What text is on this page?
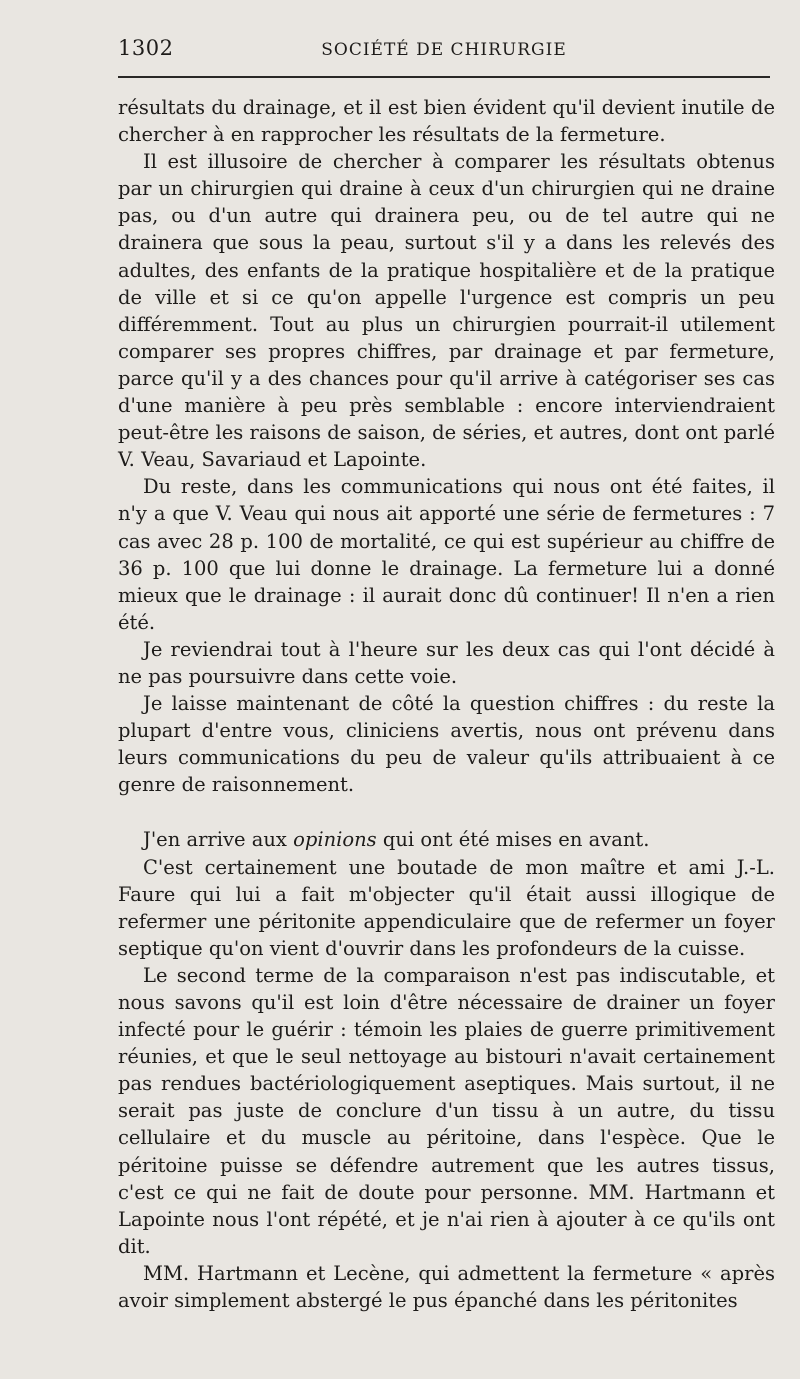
1302	SOCIÉTÉ DE CHIRURGIE

résultats du drainage, et il est bien évident qu'il devient inutile de chercher à en rapprocher les résultats de la fermeture.

Il est illusoire de chercher à comparer les résultats obtenus par un chirurgien qui draine à ceux d'un chirurgien qui ne draine pas, ou d'un autre qui drainera peu, ou de tel autre qui ne drainera que sous la peau, surtout s'il y a dans les relevés des adultes, des enfants de la pratique hospitalière et de la pratique de ville et si ce qu'on appelle l'urgence est compris un peu différemment. Tout au plus un chirurgien pourrait-il utilement comparer ses propres chiffres, par drainage et par fermeture, parce qu'il y a des chances pour qu'il arrive à catégoriser ses cas d'une manière à peu près semblable : encore interviendraient peut-être les raisons de saison, de séries, et autres, dont ont parlé V. Veau, Savariaud et Lapointe.

Du reste, dans les communications qui nous ont été faites, il n'y a que V. Veau qui nous ait apporté une série de fermetures : 7 cas avec 28 p. 100 de mortalité, ce qui est supérieur au chiffre de 36 p. 100 que lui donne le drainage. La fermeture lui a donné mieux que le drainage : il aurait donc dû continuer! Il n'en a rien été.

Je reviendrai tout à l'heure sur les deux cas qui l'ont décidé à ne pas poursuivre dans cette voie.

Je laisse maintenant de côté la question chiffres : du reste la plupart d'entre vous, cliniciens avertis, nous ont prévenu dans leurs communications du peu de valeur qu'ils attribuaient à ce genre de raisonnement.

J'en arrive aux opinions qui ont été mises en avant.

C'est certainement une boutade de mon maître et ami J.-L. Faure qui lui a fait m'objecter qu'il était aussi illogique de refermer une péritonite appendiculaire que de refermer un foyer septique qu'on vient d'ouvrir dans les profondeurs de la cuisse.

Le second terme de la comparaison n'est pas indiscutable, et nous savons qu'il est loin d'être nécessaire de drainer un foyer infecté pour le guérir : témoin les plaies de guerre primitivement réunies, et que le seul nettoyage au bistouri n'avait certainement pas rendues bactériologiquement aseptiques. Mais surtout, il ne serait pas juste de conclure d'un tissu à un autre, du tissu cellulaire et du muscle au péritoine, dans l'espèce. Que le péritoine puisse se défendre autrement que les autres tissus, c'est ce qui ne fait de doute pour personne. MM. Hartmann et Lapointe nous l'ont répété, et je n'ai rien à ajouter à ce qu'ils ont dit.

MM. Hartmann et Lecène, qui admettent la fermeture « après avoir simplement abstergé le pus épanché dans les péritonites
